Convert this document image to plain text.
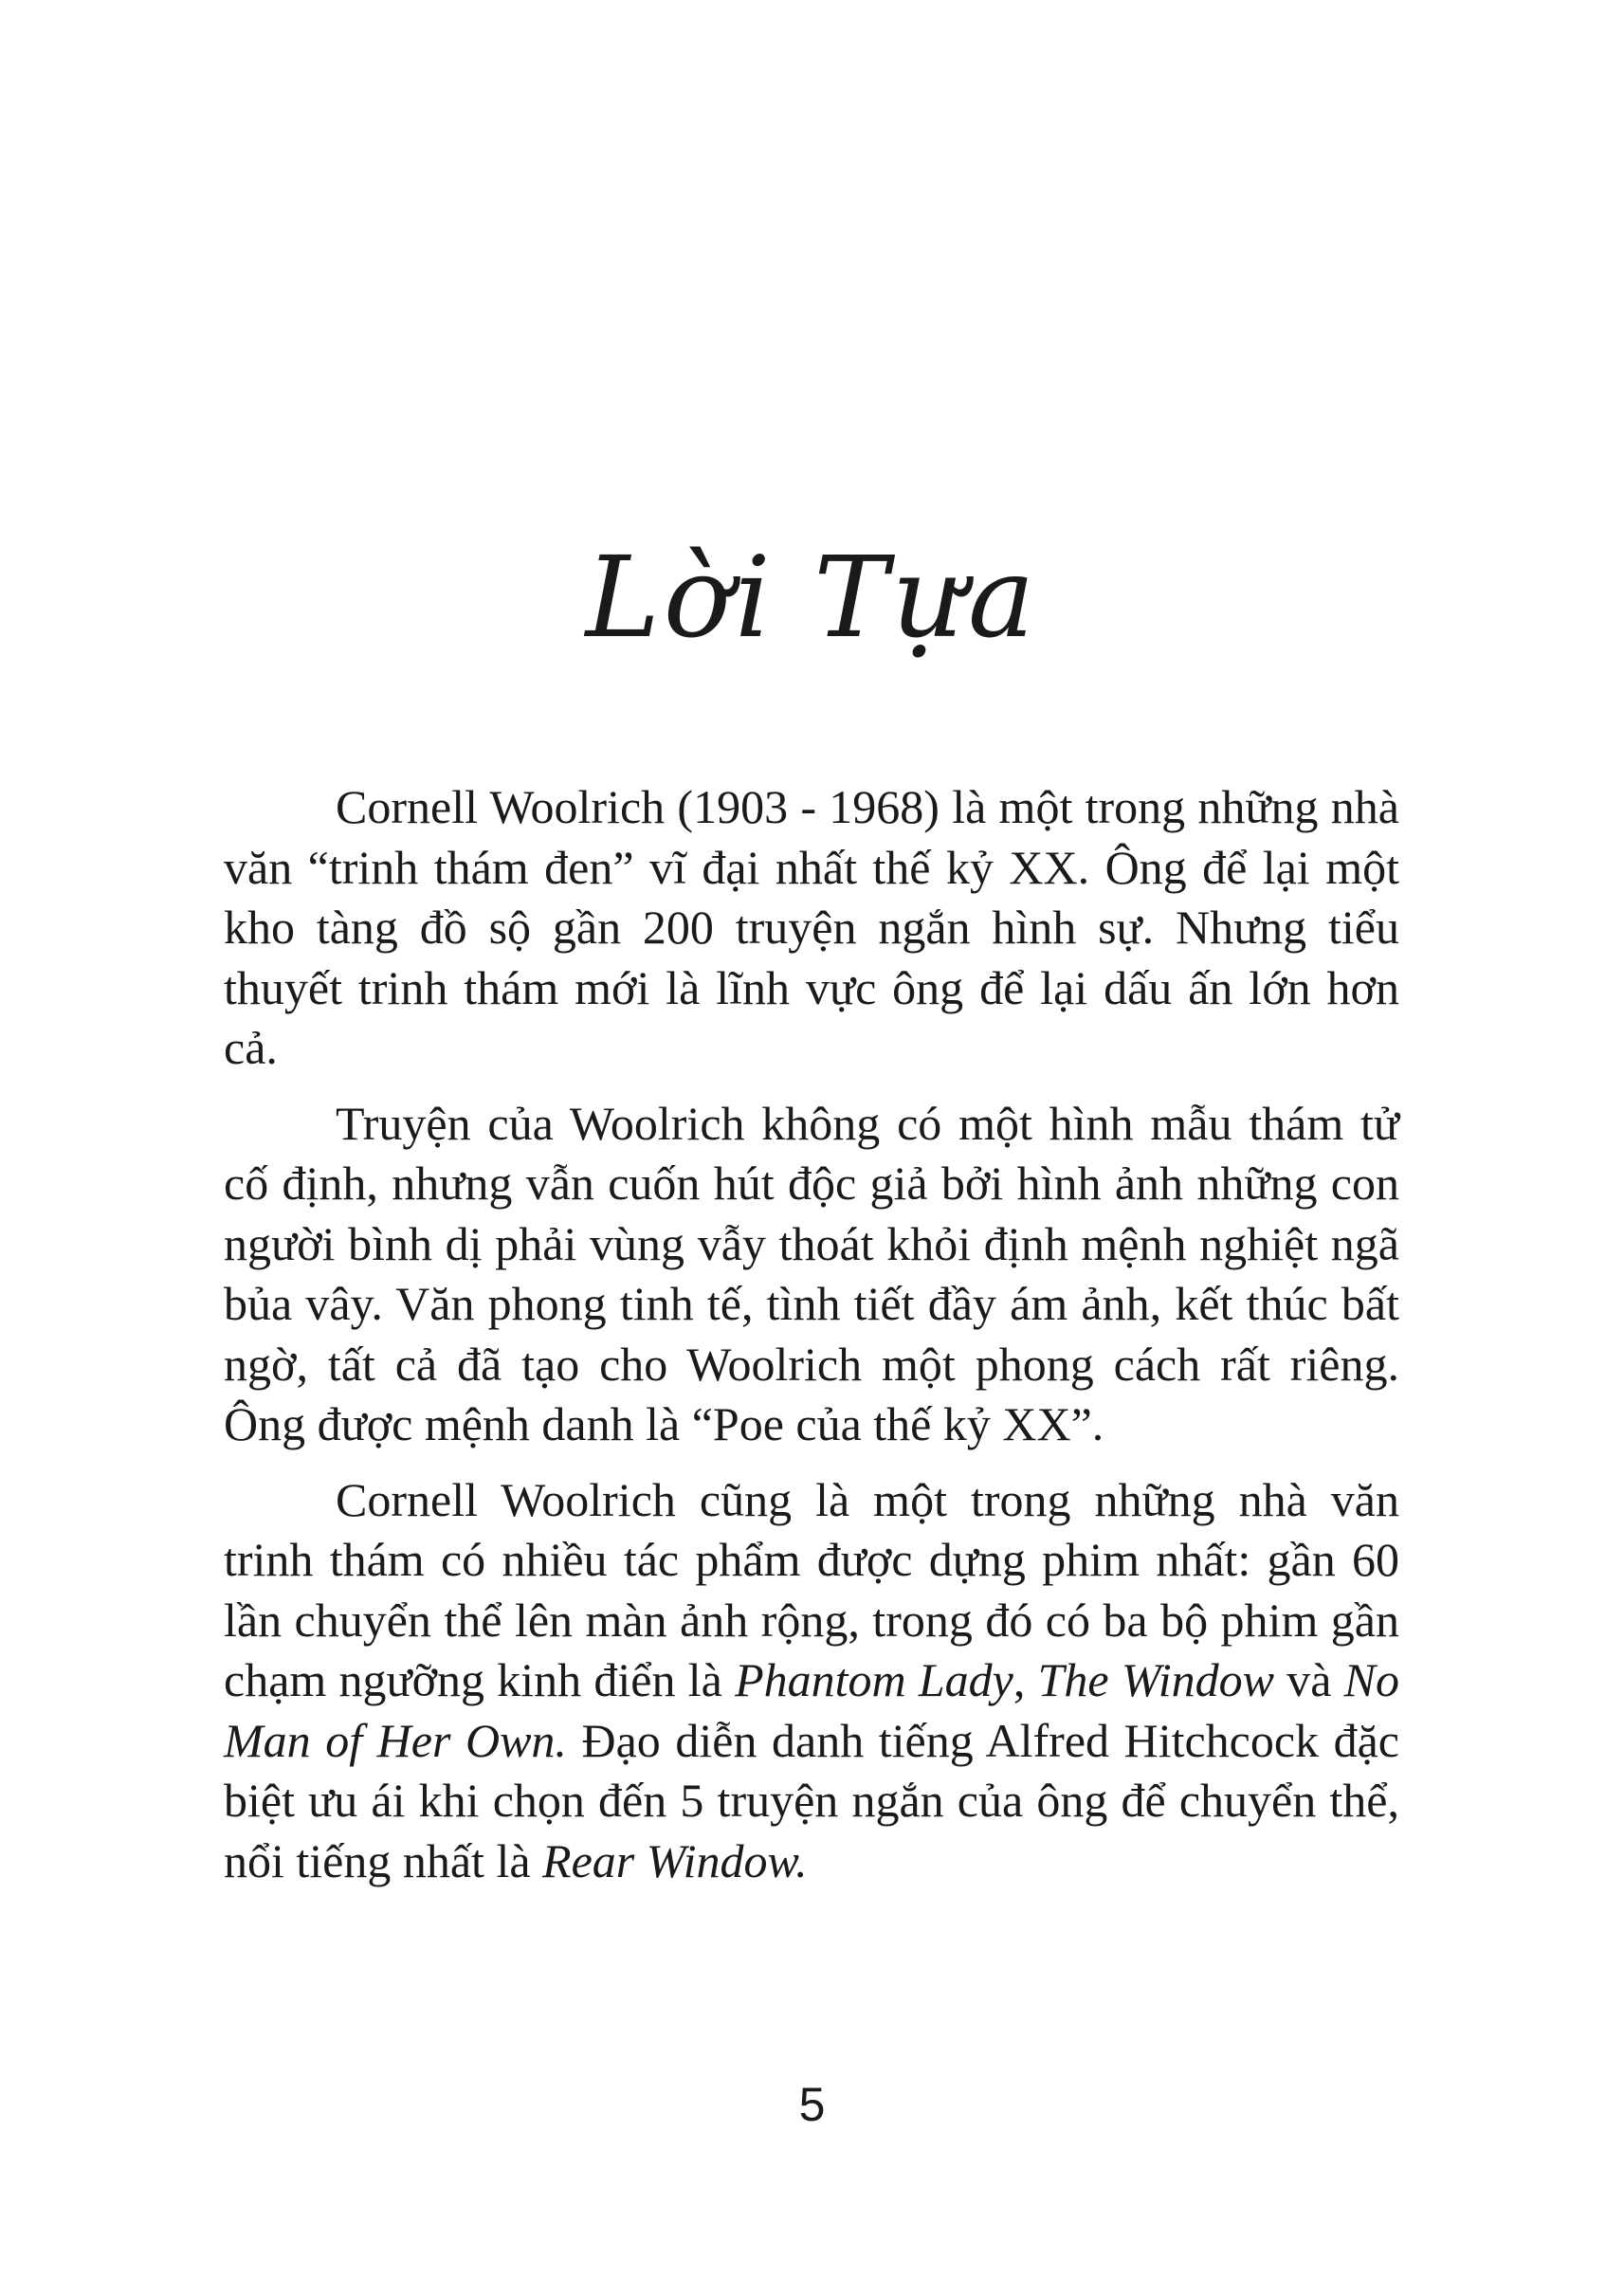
Lời Tựa

Cornell Woolrich (1903 - 1968) là một trong những nhà văn “trinh thám đen” vĩ đại nhất thế kỷ XX. Ông để lại một kho tàng đồ sộ gần 200 truyện ngắn hình sự. Nhưng tiểu thuyết trinh thám mới là lĩnh vực ông để lại dấu ấn lớn hơn cả.

Truyện của Woolrich không có một hình mẫu thám tử cố định, nhưng vẫn cuốn hút độc giả bởi hình ảnh những con người bình dị phải vùng vẫy thoát khỏi định mệnh nghiệt ngã bủa vây. Văn phong tinh tế, tình tiết đầy ám ảnh, kết thúc bất ngờ, tất cả đã tạo cho Woolrich một phong cách rất riêng. Ông được mệnh danh là “Poe của thế kỷ XX”.

Cornell Woolrich cũng là một trong những nhà văn trinh thám có nhiều tác phẩm được dựng phim nhất: gần 60 lần chuyển thể lên màn ảnh rộng, trong đó có ba bộ phim gần chạm ngưỡng kinh điển là Phantom Lady, The Window và No Man of Her Own. Đạo diễn danh tiếng Alfred Hitchcock đặc biệt ưu ái khi chọn đến 5 truyện ngắn của ông để chuyển thể, nổi tiếng nhất là Rear Window.

5
